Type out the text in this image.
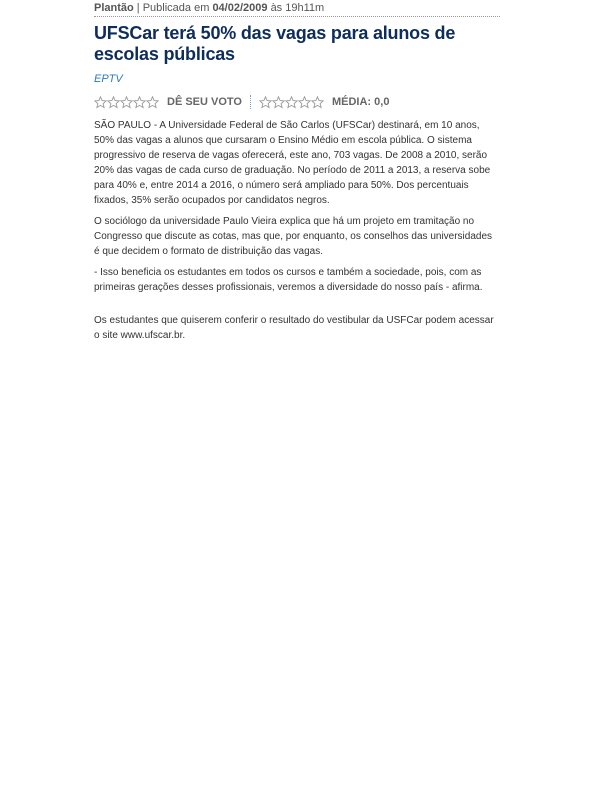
Plantão | Publicada em 04/02/2009 às 19h11m
UFSCar terá 50% das vagas para alunos de escolas públicas
EPTV
DÊ SEU VOTO	MÉDIA: 0,0

SÃO PAULO - A Universidade Federal de São Carlos (UFSCar) destinará, em 10 anos, 50% das vagas a alunos que cursaram o Ensino Médio em escola pública. O sistema progressivo de reserva de vagas oferecerá, este ano, 703 vagas. De 2008 a 2010, serão 20% das vagas de cada curso de graduação. No período de 2011 a 2013, a reserva sobe para 40% e, entre 2014 a 2016, o número será ampliado para 50%. Dos percentuais fixados, 35% serão ocupados por candidatos negros.

O sociólogo da universidade Paulo Vieira explica que há um projeto em tramitação no Congresso que discute as cotas, mas que, por enquanto, os conselhos das universidades é que decidem o formato de distribuição das vagas.

- Isso beneficia os estudantes em todos os cursos e também a sociedade, pois, com as primeiras gerações desses profissionais, veremos a diversidade do nosso país - afirma.

Os estudantes que quiserem conferir o resultado do vestibular da USFCar podem acessar o site www.ufscar.br.
